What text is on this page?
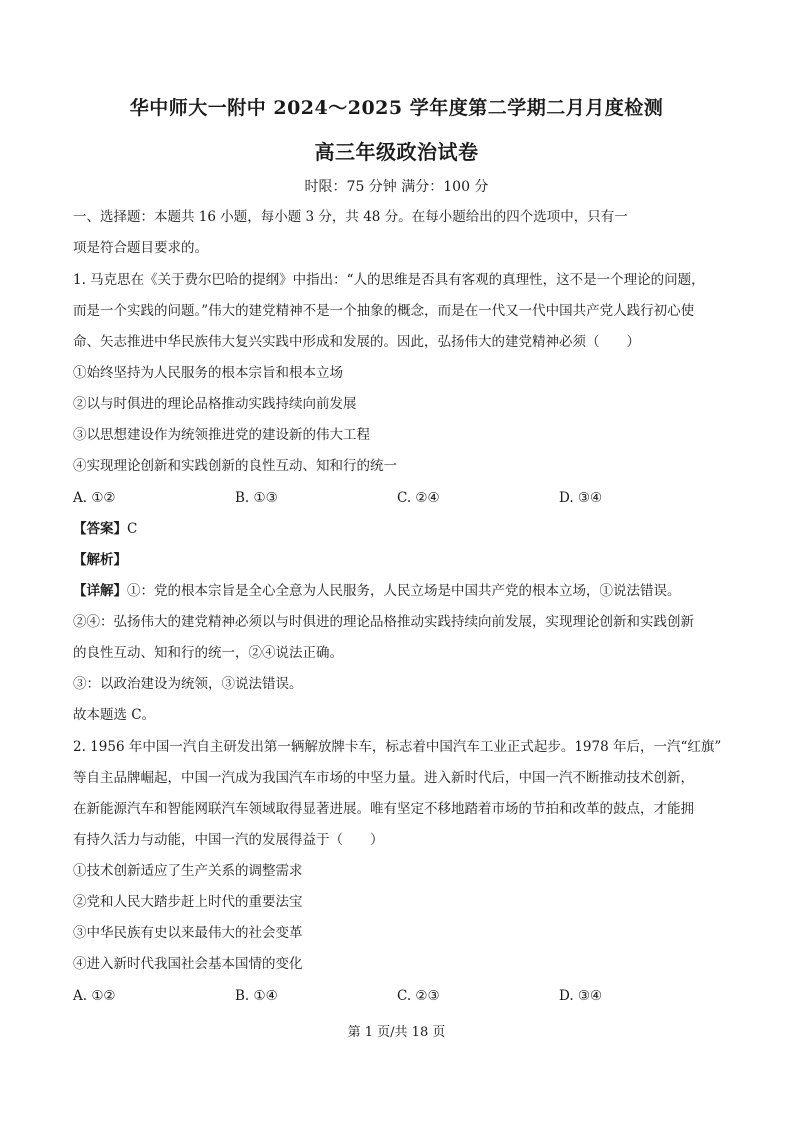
华中师大一附中 2024～2025 学年度第二学期二月月度检测
高三年级政治试卷
时限：75 分钟 满分：100 分
一、选择题：本题共 16 小题，每小题 3 分，共 48 分。在每小题给出的四个选项中，只有一
项是符合题目要求的。
1. 马克思在《关于费尔巴哈的提纲》中指出：“人的思维是否具有客观的真理性，这不是一个理论的问题，
而是一个实践的问题。”伟大的建党精神不是一个抽象的概念，而是在一代又一代中国共产党人践行初心使
命、矢志推进中华民族伟大复兴实践中形成和发展的。因此，弘扬伟大的建党精神必须（　　）
①始终坚持为人民服务的根本宗旨和根本立场
②以与时俱进的理论品格推动实践持续向前发展
③以思想建设作为统领推进党的建设新的伟大工程
④实现理论创新和实践创新的良性互动、知和行的统一
A. ①②	B. ①③	C. ②④	D. ③④
【答案】C
【解析】
【详解】①：党的根本宗旨是全心全意为人民服务，人民立场是中国共产党的根本立场，①说法错误。
②④：弘扬伟大的建党精神必须以与时俱进的理论品格推动实践持续向前发展，实现理论创新和实践创新
的良性互动、知和行的统一，②④说法正确。
③：以政治建设为统领，③说法错误。
故本题选 C。
2. 1956 年中国一汽自主研发出第一辆解放牌卡车，标志着中国汽车工业正式起步。1978 年后，一汽“红旗”
等自主品牌崛起，中国一汽成为我国汽车市场的中坚力量。进入新时代后，中国一汽不断推动技术创新，
在新能源汽车和智能网联汽车领域取得显著进展。唯有坚定不移地踏着市场的节拍和改革的鼓点，才能拥
有持久活力与动能，中国一汽的发展得益于（　　）
①技术创新适应了生产关系的调整需求
②党和人民大踏步赶上时代的重要法宝
③中华民族有史以来最伟大的社会变革
④进入新时代我国社会基本国情的变化
A. ①②	B. ①④	C. ②③	D. ③④
第 1 页/共 18 页
